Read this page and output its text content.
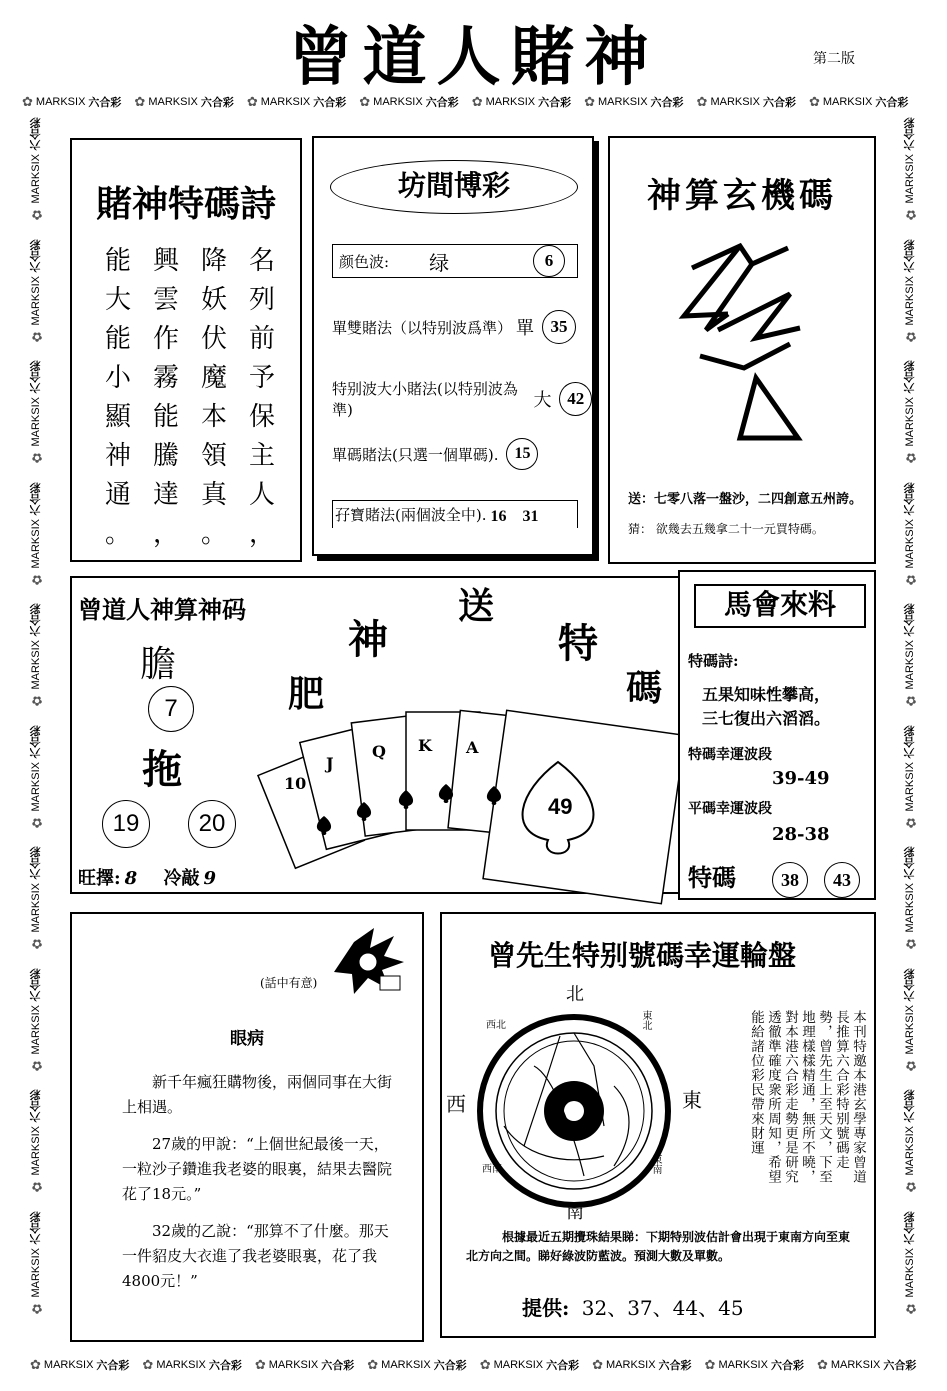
曾道人賭神	第二版
✿ MARKSIX 六合彩 ✿ MARKSIX 六合彩 ✿ MARKSIX 六合彩 ✿ MARKSIX 六合彩 ✿ MARKSIX 六合彩 ✿ MARKSIX 六合彩 ✿ MARKSIX 六合彩 ✿ MARKSIX 六合彩
✿ MARKSIX 六合彩 ✿ MARKSIX 六合彩 ✿ MARKSIX 六合彩 ✿ MARKSIX 六合彩 ✿ MARKSIX 六合彩 ✿ MARKSIX 六合彩 ✿ MARKSIX 六合彩 ✿ MARKSIX 六合彩
✿
MARKSIX
六合彩
✿
MARKSIX
六合彩
✿
MARKSIX
六合彩
✿
MARKSIX
六合彩
✿
MARKSIX
六合彩
✿
MARKSIX
六合彩
✿
MARKSIX
六合彩
✿
MARKSIX
六合彩
✿
MARKSIX
六合彩
✿
MARKSIX
六合彩
✿
MARKSIX
六合彩
✿
MARKSIX
六合彩
✿
MARKSIX
六合彩
✿
MARKSIX
六合彩
✿
MARKSIX
六合彩
✿
MARKSIX
六合彩
✿
MARKSIX
六合彩
✿
MARKSIX
六合彩
✿
MARKSIX
六合彩
✿
MARKSIX
六合彩
賭神特碼詩
能 興 降 名
大 雲 妖 列
能 作 伏 前
小 霧 魔 予
顯 能 本 保
神 騰 領 主
通 達 真 人
。 ， 。 ，
坊間博彩
颜色波: 绿	6
單雙賭法（以特别波爲準） 單 35
特别波大小賭法(以特别波為準)	大 42
單碼賭法(只選一個單碼).	15
孖寶賭法(兩個波全中). 16　31
神算玄機碼
送：七零八落一盤沙，二四創意五州誇。
猜： 欲幾去五幾拿二十一元買特碼。
曾道人神算神码
膽
7
拖
19	20
旺擇: 8 冷敲 9
神
送
特
碼
肥
10
J
Q K A
49
馬會來料
特碼詩:
五果知味性攀高，
三七復出六滔滔。
特碼幸運波段
39-49
平碼幸運波段
28-38
特碼	38	43
(話中有意)
眼病

新千年瘋狂購物後，兩個同事在大街上相遇。

27歲的甲說：“上個世紀最後一天，一粒沙子鑽進我老婆的眼裏，結果去醫院花了18元。”

32歲的乙說：“那算不了什麼。那天一件貂皮大衣進了我老婆眼裏，花了我4800元！”

曾先生特别號碼幸運輪盤
本刊特邀本港玄學專家曾道長推算六合彩特别號碼走勢，曾先生上至天文，下至地理樣樣精通，無所不曉，對本港六合彩走勢更是研究透徹準確度衆所周知，希望能給諸位彩民帶來財運
北
南
西	東
東北
西北
東南
西南
根據最近五期攪珠結果睇：下期特别波估計會出現于東南方向至東北方向之間。睇好綠波防藍波。預測大數及單數。
提供: 32、37、44、45
